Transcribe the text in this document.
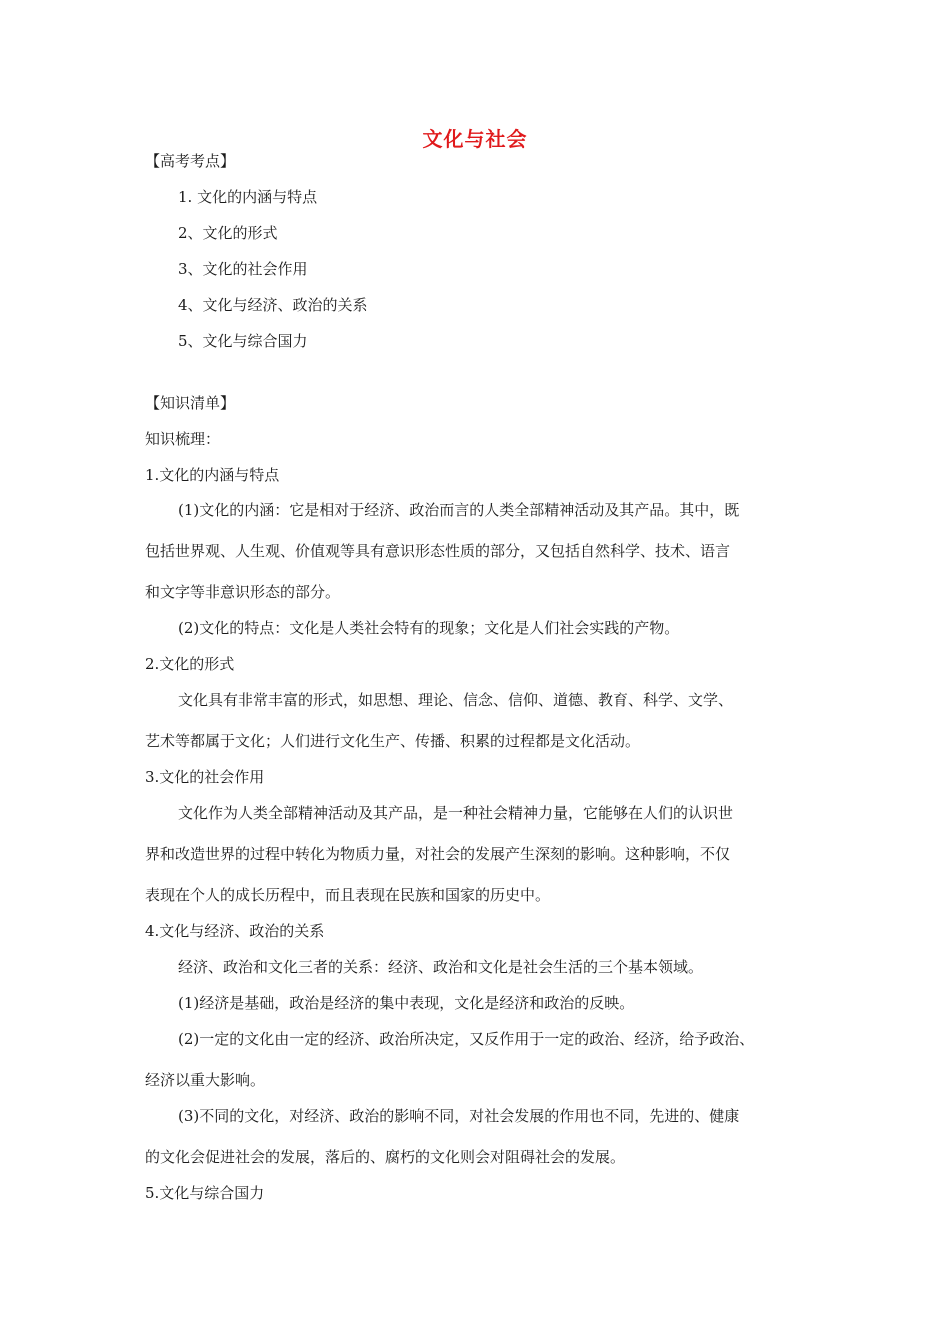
文化与社会
【高考考点】
1. 文化的内涵与特点
2、文化的形式
3、文化的社会作用
4、文化与经济、政治的关系
5、文化与综合国力
【知识清单】
知识梳理：
1.文化的内涵与特点
(1)文化的内涵：它是相对于经济、政治而言的人类全部精神活动及其产品。其中，既
包括世界观、人生观、价值观等具有意识形态性质的部分，又包括自然科学、技术、语言
和文字等非意识形态的部分。
(2)文化的特点：文化是人类社会特有的现象；文化是人们社会实践的产物。
2.文化的形式
文化具有非常丰富的形式，如思想、理论、信念、信仰、道德、教育、科学、文学、
艺术等都属于文化；人们进行文化生产、传播、积累的过程都是文化活动。
3.文化的社会作用
文化作为人类全部精神活动及其产品，是一种社会精神力量，它能够在人们的认识世
界和改造世界的过程中转化为物质力量，对社会的发展产生深刻的影响。这种影响，不仅
表现在个人的成长历程中，而且表现在民族和国家的历史中。
4.文化与经济、政治的关系
经济、政治和文化三者的关系：经济、政治和文化是社会生活的三个基本领域。
(1)经济是基础，政治是经济的集中表现，文化是经济和政治的反映。
(2)一定的文化由一定的经济、政治所决定，又反作用于一定的政治、经济，给予政治、
经济以重大影响。
(3)不同的文化，对经济、政治的影响不同，对社会发展的作用也不同，先进的、健康
的文化会促进社会的发展，落后的、腐朽的文化则会对阻碍社会的发展。
5.文化与综合国力
